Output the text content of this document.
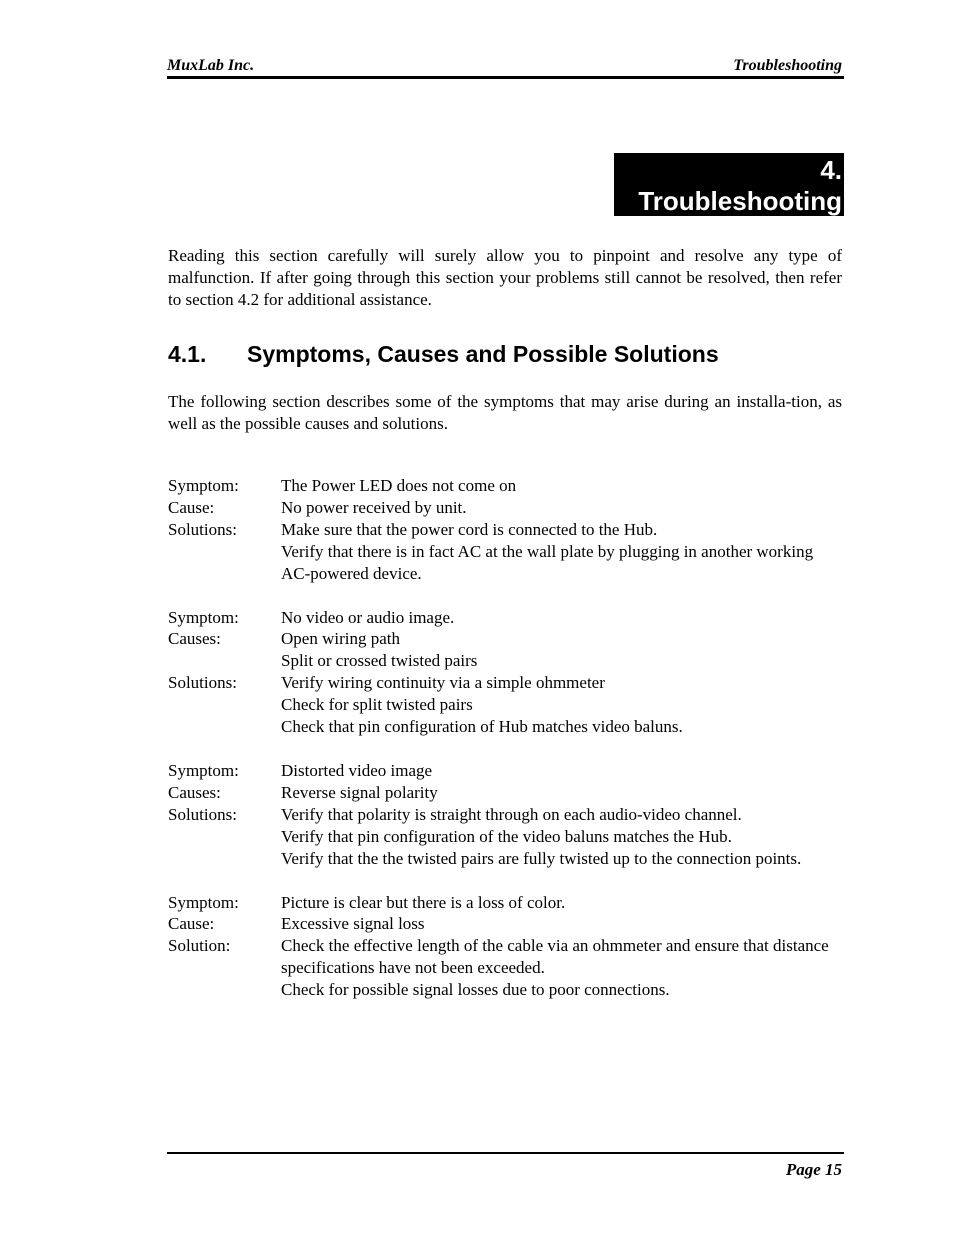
MuxLab Inc.	Troubleshooting
4.
Troubleshooting
Reading this section carefully will surely allow you to pinpoint and resolve any type of malfunction. If after going through this section your problems still cannot be resolved, then refer to section 4.2 for additional assistance.
4.1. Symptoms, Causes and Possible Solutions
The following section describes some of the symptoms that may arise during an installa-tion, as well as the possible causes and solutions.
Symptom:	The Power LED does not come on
Cause:	No power received by unit.
Solutions:	Make sure that the power cord is connected to the Hub.
Verify that there is in fact AC at the wall plate by plugging in another working AC-powered device.
Symptom:	No video or audio image.
Causes:	Open wiring path
Split or crossed twisted pairs
Solutions:	Verify wiring continuity via a simple ohmmeter
Check for split twisted pairs
Check that pin configuration of Hub matches video baluns.
Symptom:	Distorted video image
Causes:	Reverse signal polarity
Solutions:	Verify that polarity is straight through on each audio-video channel.
Verify that pin configuration of the video baluns matches the Hub.
Verify that the the twisted pairs are fully twisted up to the connection points.
Symptom:	Picture is clear but there is a loss of color.
Cause:	Excessive signal loss
Solution:	Check the effective length of the cable via an ohmmeter and ensure that distance specifications have not been exceeded.
Check for possible signal losses due to poor connections.
Page 15
